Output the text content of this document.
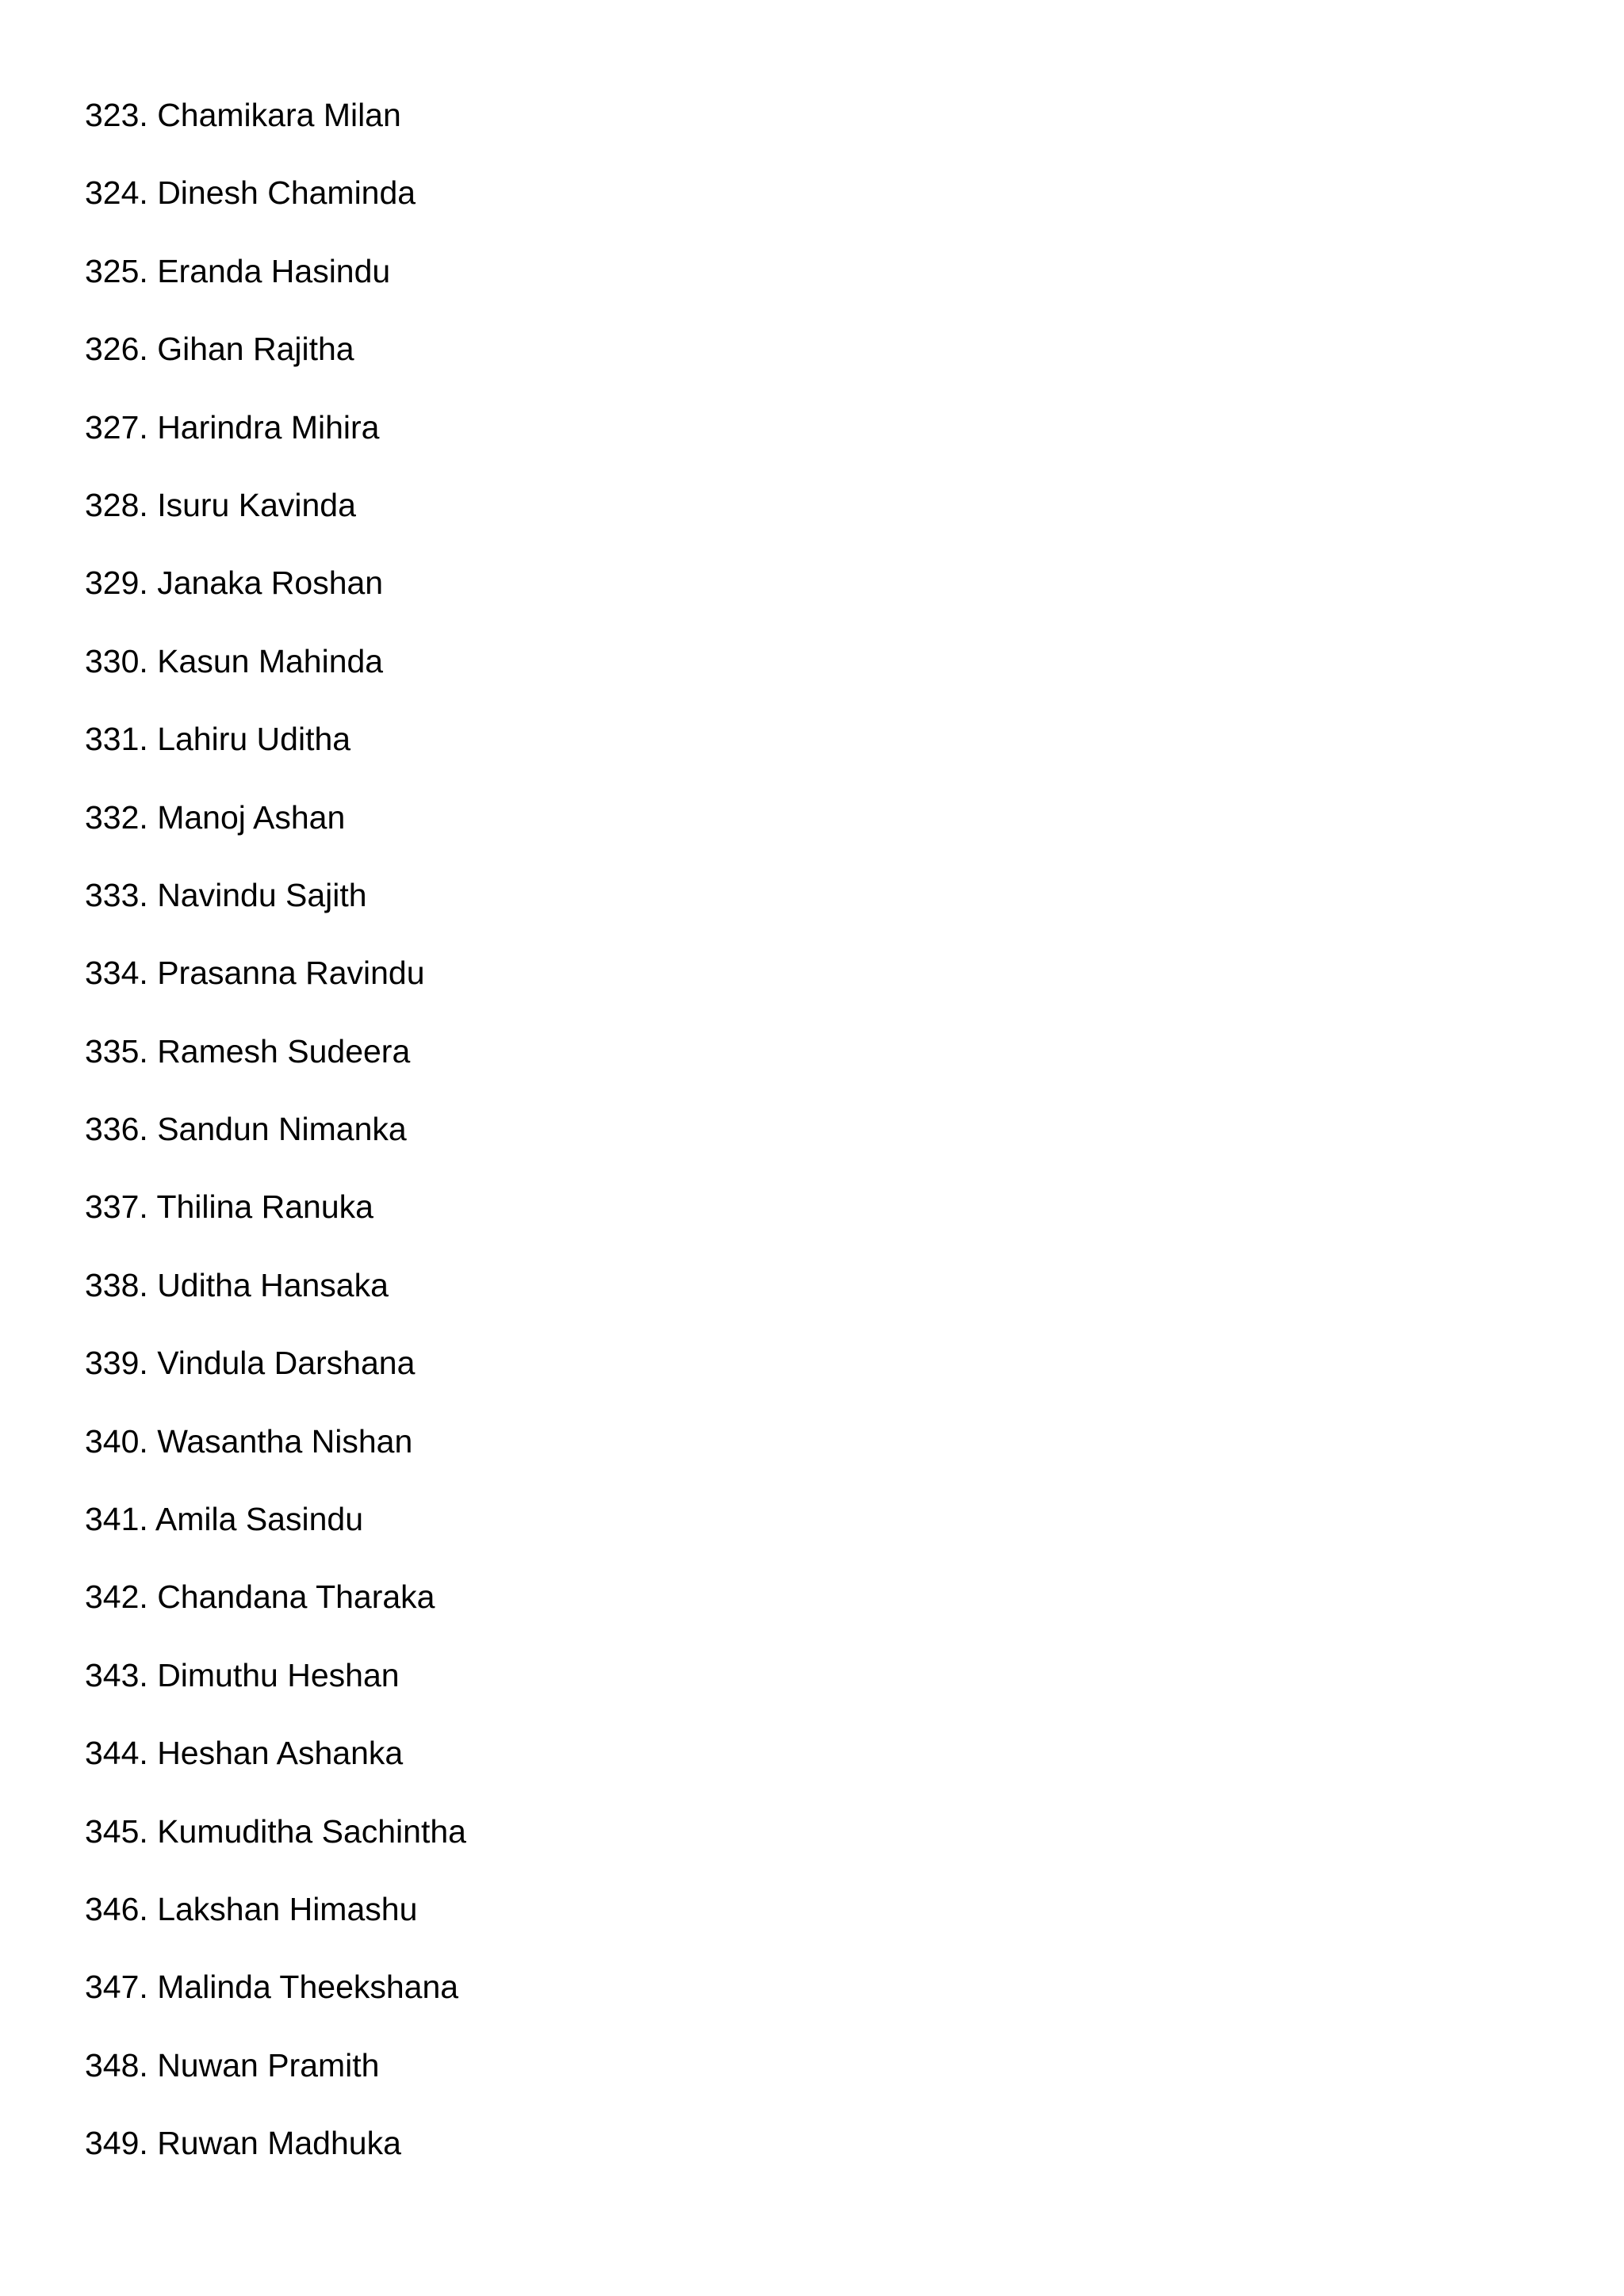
323. Chamikara Milan
324. Dinesh Chaminda
325. Eranda Hasindu
326. Gihan Rajitha
327. Harindra Mihira
328. Isuru Kavinda
329. Janaka Roshan
330. Kasun Mahinda
331. Lahiru Uditha
332. Manoj Ashan
333. Navindu Sajith
334. Prasanna Ravindu
335. Ramesh Sudeera
336. Sandun Nimanka
337. Thilina Ranuka
338. Uditha Hansaka
339. Vindula Darshana
340. Wasantha Nishan
341. Amila Sasindu
342. Chandana Tharaka
343. Dimuthu Heshan
344. Heshan Ashanka
345. Kumuditha Sachintha
346. Lakshan Himashu
347. Malinda Theekshana
348. Nuwan Pramith
349. Ruwan Madhuka
